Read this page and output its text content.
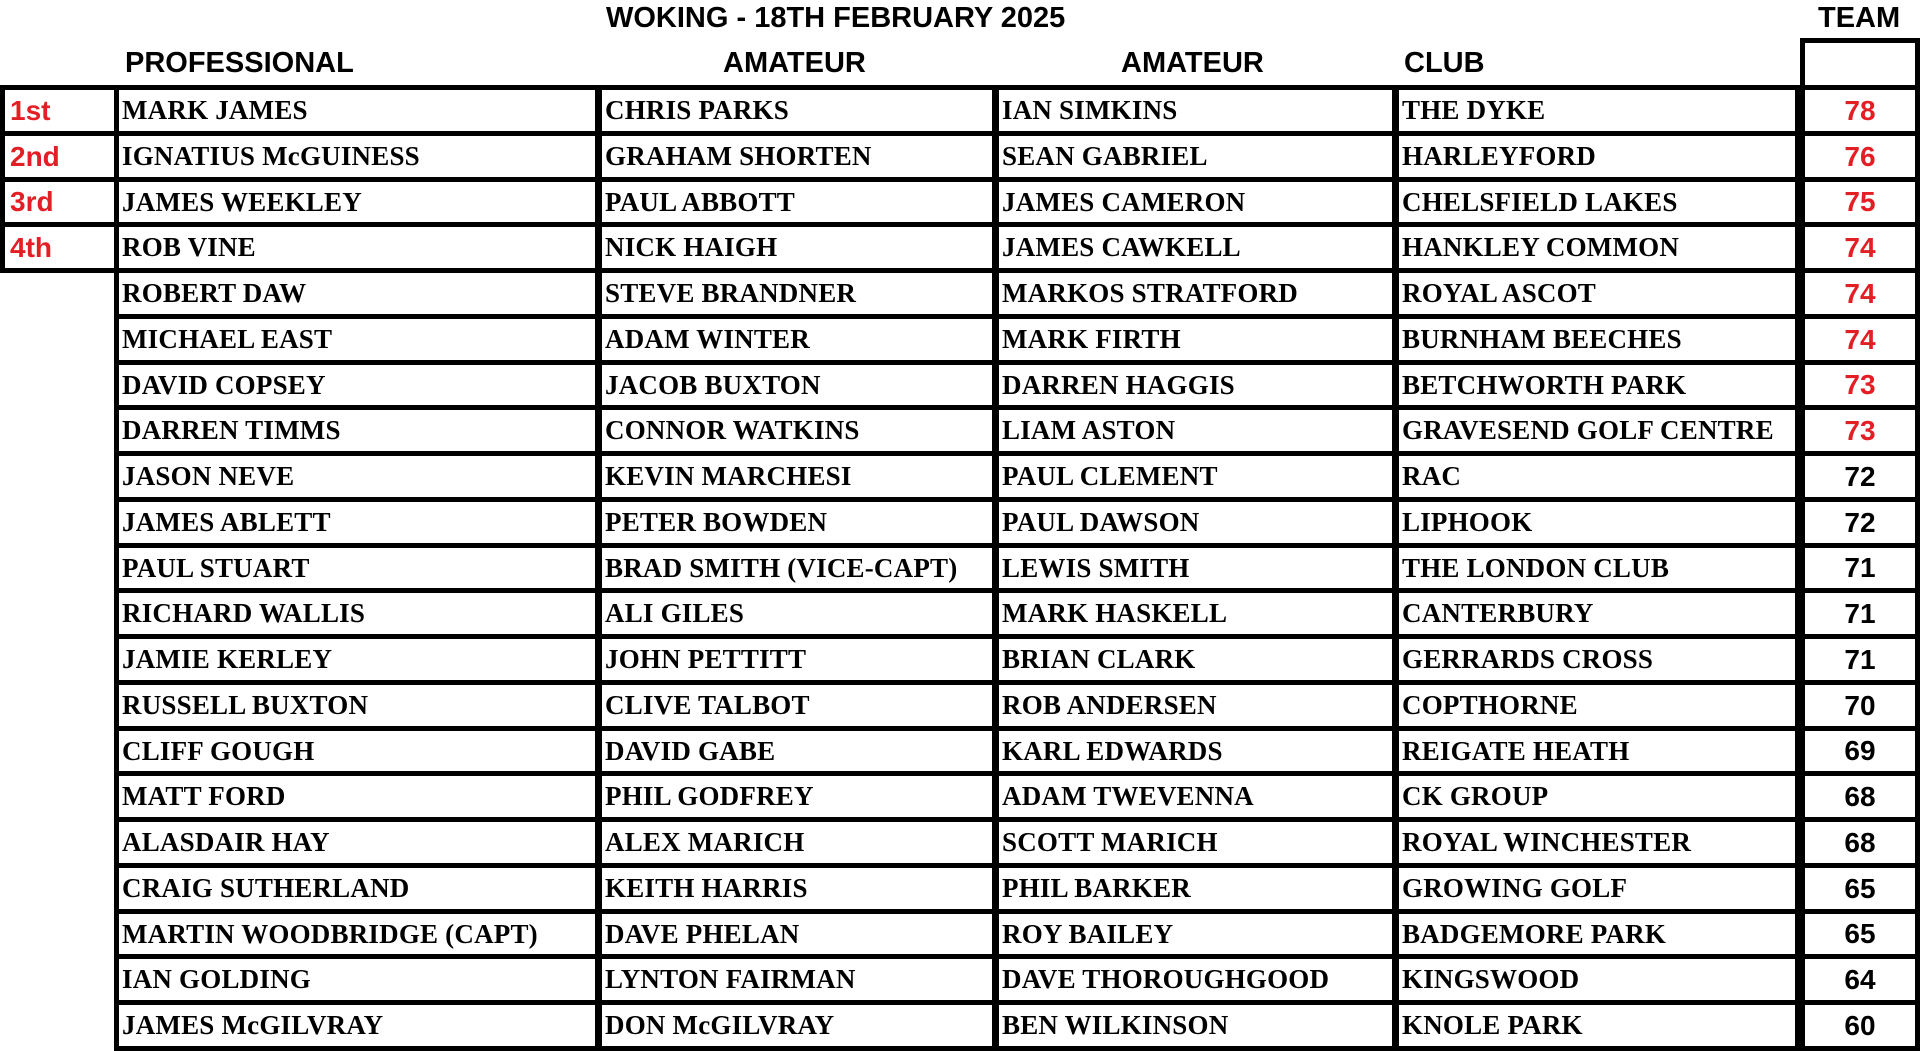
WOKING - 18TH FEBRUARY 2025	TEAM
PROFESSIONAL	AMATEUR	AMATEUR	CLUB
1st	MARK JAMES	CHRIS PARKS	IAN SIMKINS	THE DYKE	78
2nd	IGNATIUS McGUINESS	GRAHAM SHORTEN	SEAN GABRIEL	HARLEYFORD	76
3rd	JAMES WEEKLEY	PAUL ABBOTT	JAMES CAMERON	CHELSFIELD LAKES	75
4th	ROB VINE	NICK HAIGH	JAMES CAWKELL	HANKLEY COMMON	74
ROBERT DAW	STEVE BRANDNER	MARKOS STRATFORD	ROYAL ASCOT	74
MICHAEL EAST	ADAM WINTER	MARK FIRTH	BURNHAM BEECHES	74
DAVID COPSEY	JACOB BUXTON	DARREN HAGGIS	BETCHWORTH PARK	73
DARREN TIMMS	CONNOR WATKINS	LIAM ASTON	GRAVESEND GOLF CENTRE	73
JASON NEVE	KEVIN MARCHESI	PAUL CLEMENT	RAC	72
JAMES ABLETT	PETER BOWDEN	PAUL DAWSON	LIPHOOK	72
PAUL STUART	BRAD SMITH (VICE-CAPT)	LEWIS SMITH	THE LONDON CLUB	71
RICHARD WALLIS	ALI GILES	MARK HASKELL	CANTERBURY	71
JAMIE KERLEY	JOHN PETTITT	BRIAN CLARK	GERRARDS CROSS	71
RUSSELL BUXTON	CLIVE TALBOT	ROB ANDERSEN	COPTHORNE	70
CLIFF GOUGH	DAVID GABE	KARL EDWARDS	REIGATE HEATH	69
MATT FORD	PHIL GODFREY	ADAM TWEVENNA	CK GROUP	68
ALASDAIR HAY	ALEX MARICH	SCOTT MARICH	ROYAL WINCHESTER	68
CRAIG SUTHERLAND	KEITH HARRIS	PHIL BARKER	GROWING GOLF	65
MARTIN WOODBRIDGE (CAPT)	DAVE PHELAN	ROY BAILEY	BADGEMORE PARK	65
IAN GOLDING	LYNTON FAIRMAN	DAVE THOROUGHGOOD	KINGSWOOD	64
JAMES McGILVRAY	DON McGILVRAY	BEN WILKINSON	KNOLE PARK	60
